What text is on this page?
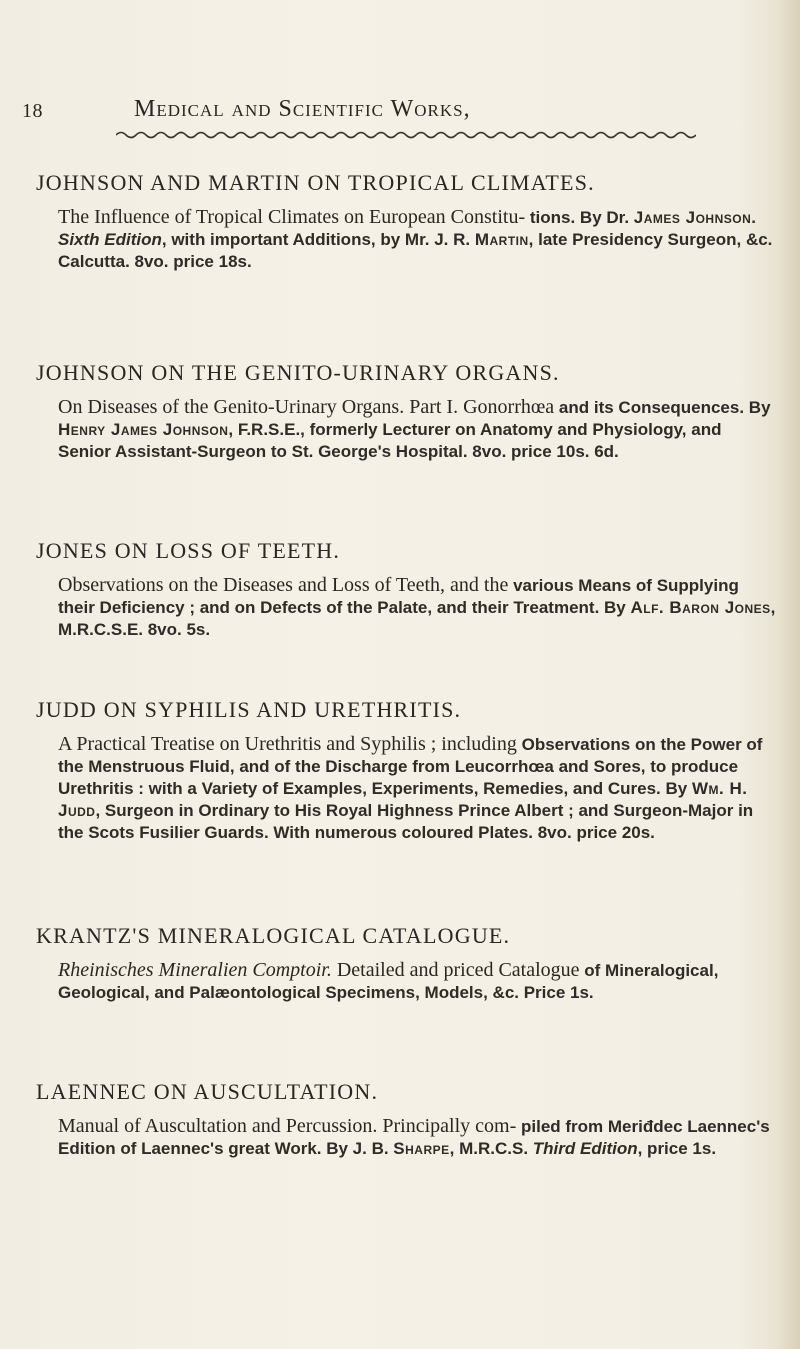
18	Medical and Scientific Works,
JOHNSON AND MARTIN ON TROPICAL CLIMATES.

The Influence of Tropical Climates on European Constitu- tions. By Dr. James Johnson. Sixth Edition, with important Additions, by Mr. J. R. Martin, late Presidency Surgeon, &c. Calcutta. 8vo. price 18s.

JOHNSON ON THE GENITO-URINARY ORGANS.

On Diseases of the Genito-Urinary Organs. Part I. Gonorrhœa and its Consequences. By Henry James Johnson, F.R.S.E., formerly Lecturer on Anatomy and Physiology, and Senior Assistant-Surgeon to St. George's Hospital. 8vo. price 10s. 6d.

JONES ON LOSS OF TEETH.

Observations on the Diseases and Loss of Teeth, and the various Means of Supplying their Deficiency ; and on Defects of the Palate, and their Treatment. By Alf. Baron Jones, M.R.C.S.E. 8vo. 5s.

JUDD ON SYPHILIS AND URETHRITIS.

A Practical Treatise on Urethritis and Syphilis ; including Observations on the Power of the Menstruous Fluid, and of the Discharge from Leucorrhœa and Sores, to produce Urethritis : with a Variety of Examples, Experiments, Remedies, and Cures. By Wm. H. Judd, Surgeon in Ordinary to His Royal Highness Prince Albert ; and Surgeon-Major in the Scots Fusilier Guards. With numerous coloured Plates. 8vo. price 20s.

KRANTZ'S MINERALOGICAL CATALOGUE.

Rheinisches Mineralien Comptoir. Detailed and priced Catalogue of Mineralogical, Geological, and Palæontological Specimens, Models, &c. Price 1s.

LAENNEC ON AUSCULTATION.

Manual of Auscultation and Percussion. Principally com- piled from Meriđdec Laennec's Edition of Laennec's great Work. By J. B. Sharpe, M.R.C.S. Third Edition, price 1s.
